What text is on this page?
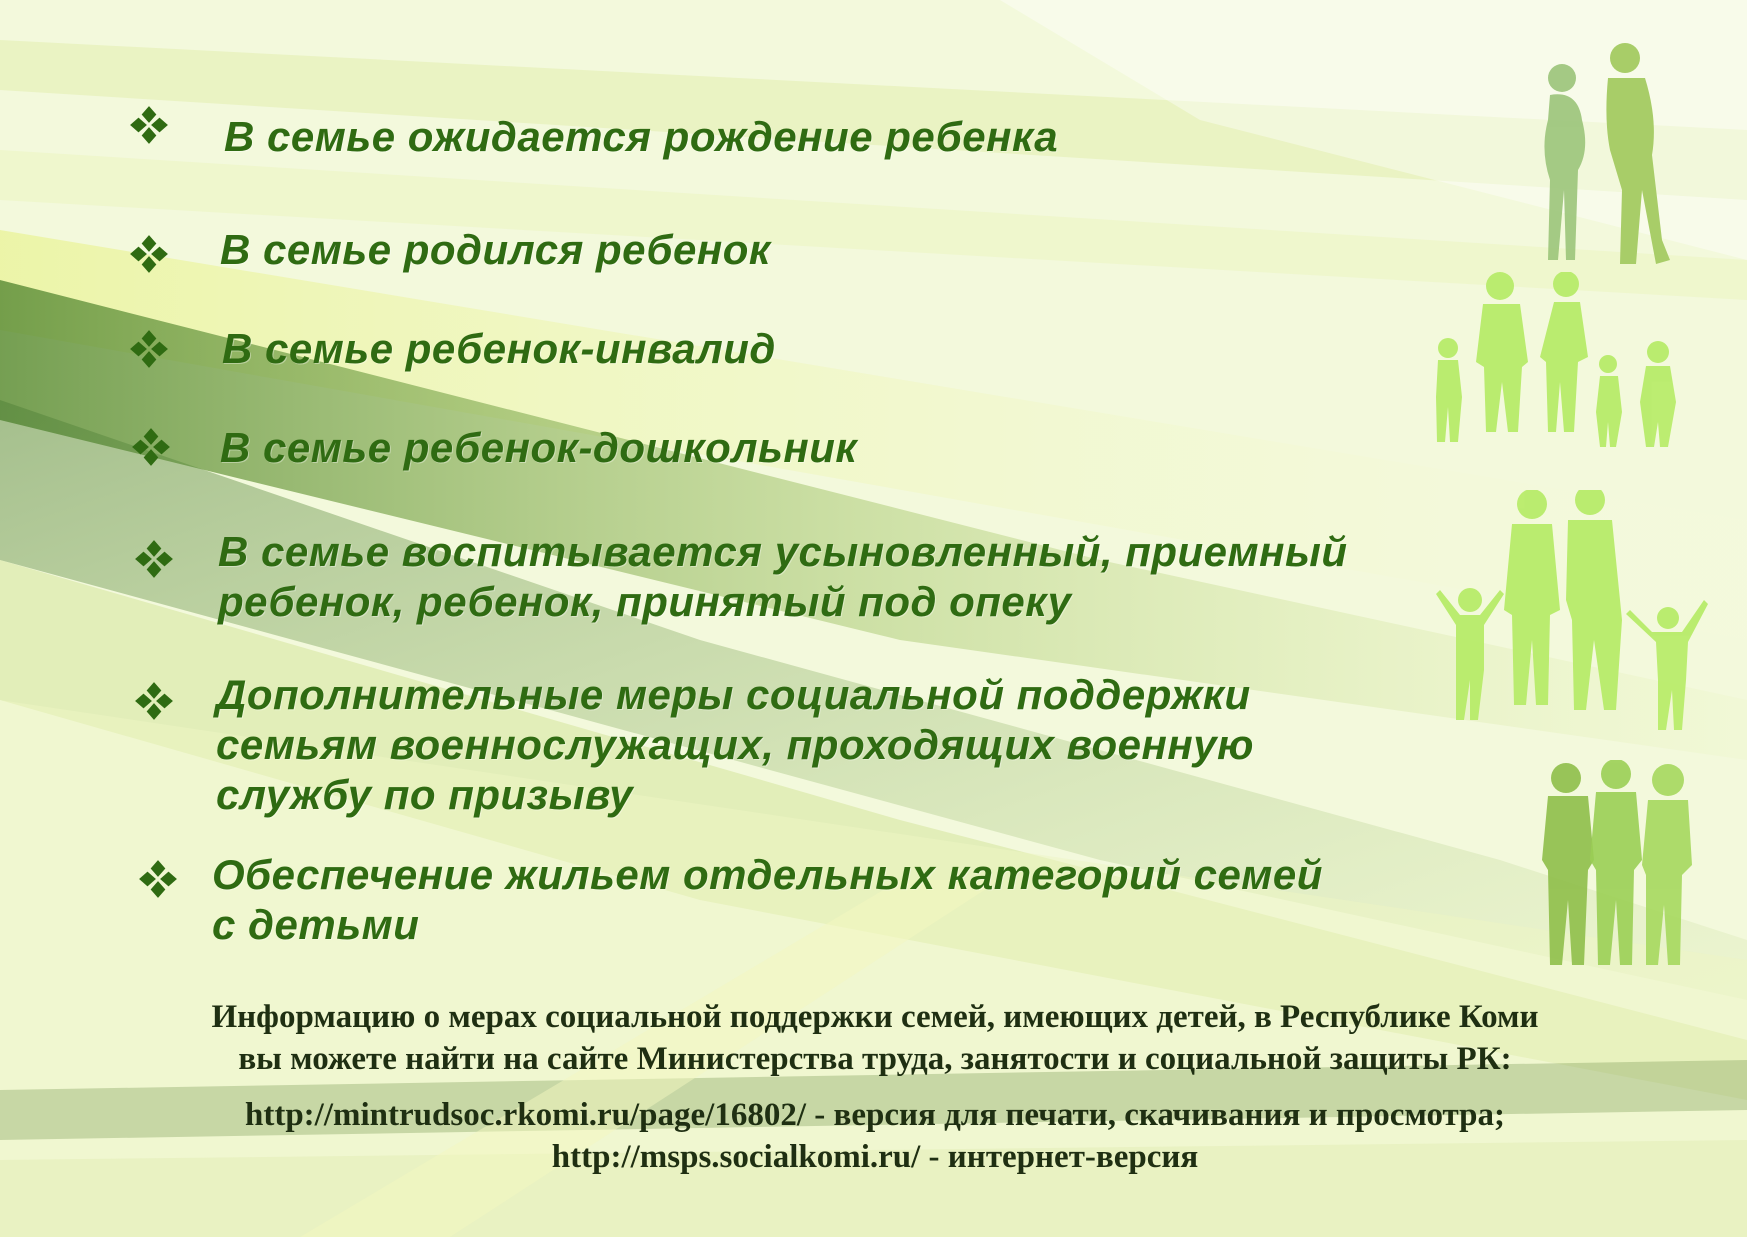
В семье ожидается рождение ребенка
В семье родился ребенок
В семье ребенок-инвалид
В семье ребенок-дошкольник
В семье воспитывается усыновленный, приемный
ребенок, ребенок, принятый под опеку
Дополнительные меры социальной поддержки
семьям военнослужащих, проходящих военную
службу по призыву
Обеспечение жильем отдельных категорий семей
с детьми
Информацию о мерах социальной поддержки семей, имеющих детей, в Республике Коми
вы можете найти на сайте Министерства труда, занятости и социальной защиты РК:
http://mintrudsoc.rkomi.ru/page/16802/ - версия для печати, скачивания и просмотра;
http://msps.socialkomi.ru/ - интернет-версия
